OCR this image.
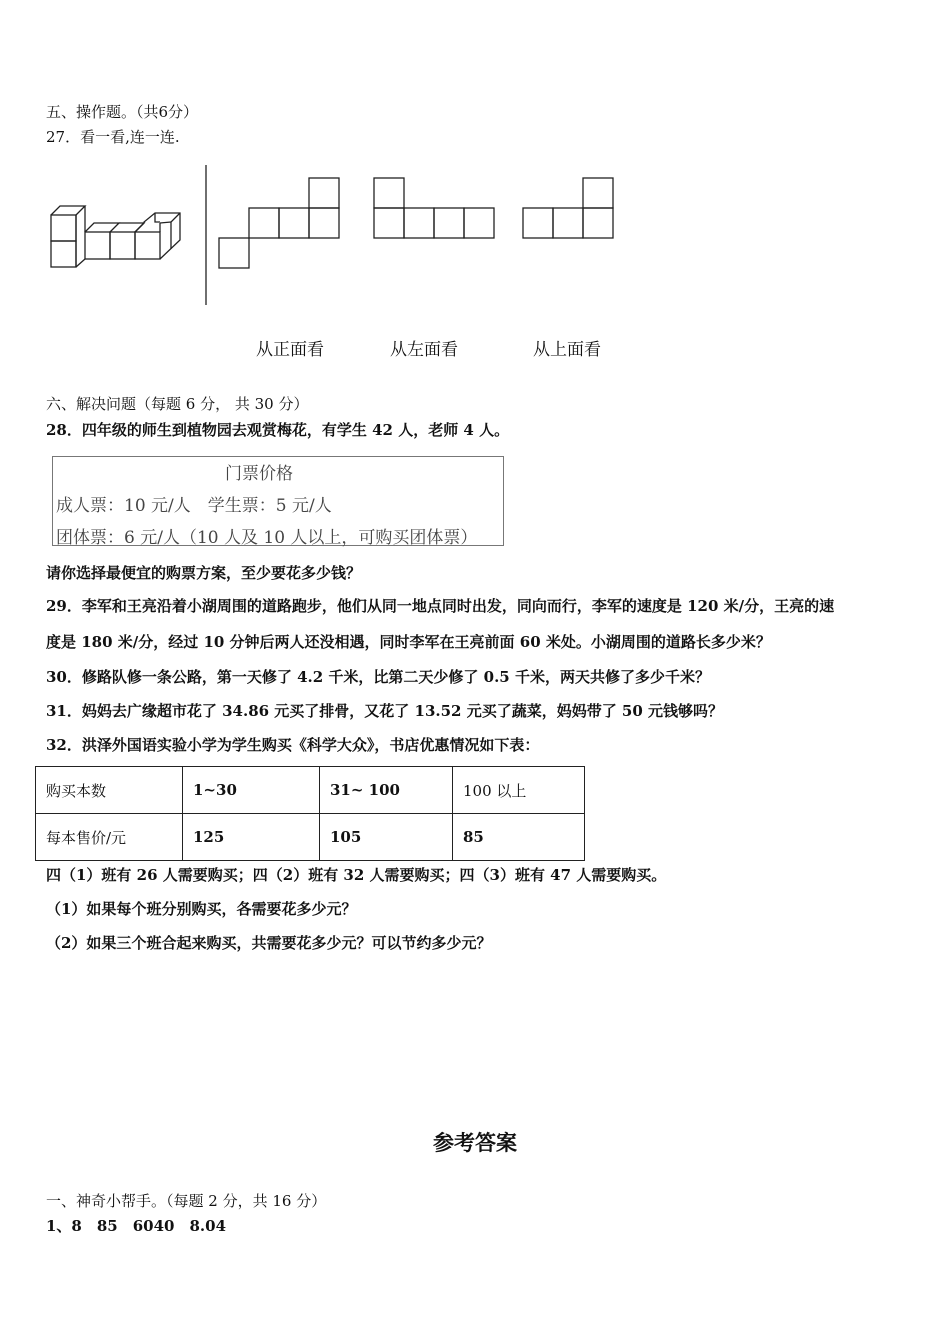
五、操作题。（共6分）
27．看一看,连一连.
从正面看	从左面看	从上面看
六、解决问题（每题 6 分， 共 30 分）
28．四年级的师生到植物园去观赏梅花，有学生 42 人，老师 4 人。
门票价格
成人票：10 元/人　学生票：5 元/人
团体票：6 元/人（10 人及 10 人以上，可购买团体票）
请你选择最便宜的购票方案，至少要花多少钱？
29．李军和王亮沿着小湖周围的道路跑步，他们从同一地点同时出发，同向而行，李军的速度是 120 米/分，王亮的速
度是 180 米/分，经过 10 分钟后两人还没相遇，同时李军在王亮前面 60 米处。小湖周围的道路长多少米？
30．修路队修一条公路，第一天修了 4.2 千米，比第二天少修了 0.5 千米，两天共修了多少千米？
31．妈妈去广缘超市花了 34.86 元买了排骨，又花了 13.52 元买了蔬菜，妈妈带了 50 元钱够吗？
32．洪泽外国语实验小学为学生购买《科学大众》，书店优惠情况如下表：
购买本数	1~30	31~ 100	100 以上
每本售价/元	125	105	85
四（1）班有 26 人需要购买；四（2）班有 32 人需要购买；四（3）班有 47 人需要购买。
（1）如果每个班分别购买，各需要花多少元？
（2）如果三个班合起来购买，共需要花多少元？可以节约多少元？
参考答案
一、神奇小帮手。（每题 2 分，共 16 分）
1、8　85　6040　8.04
